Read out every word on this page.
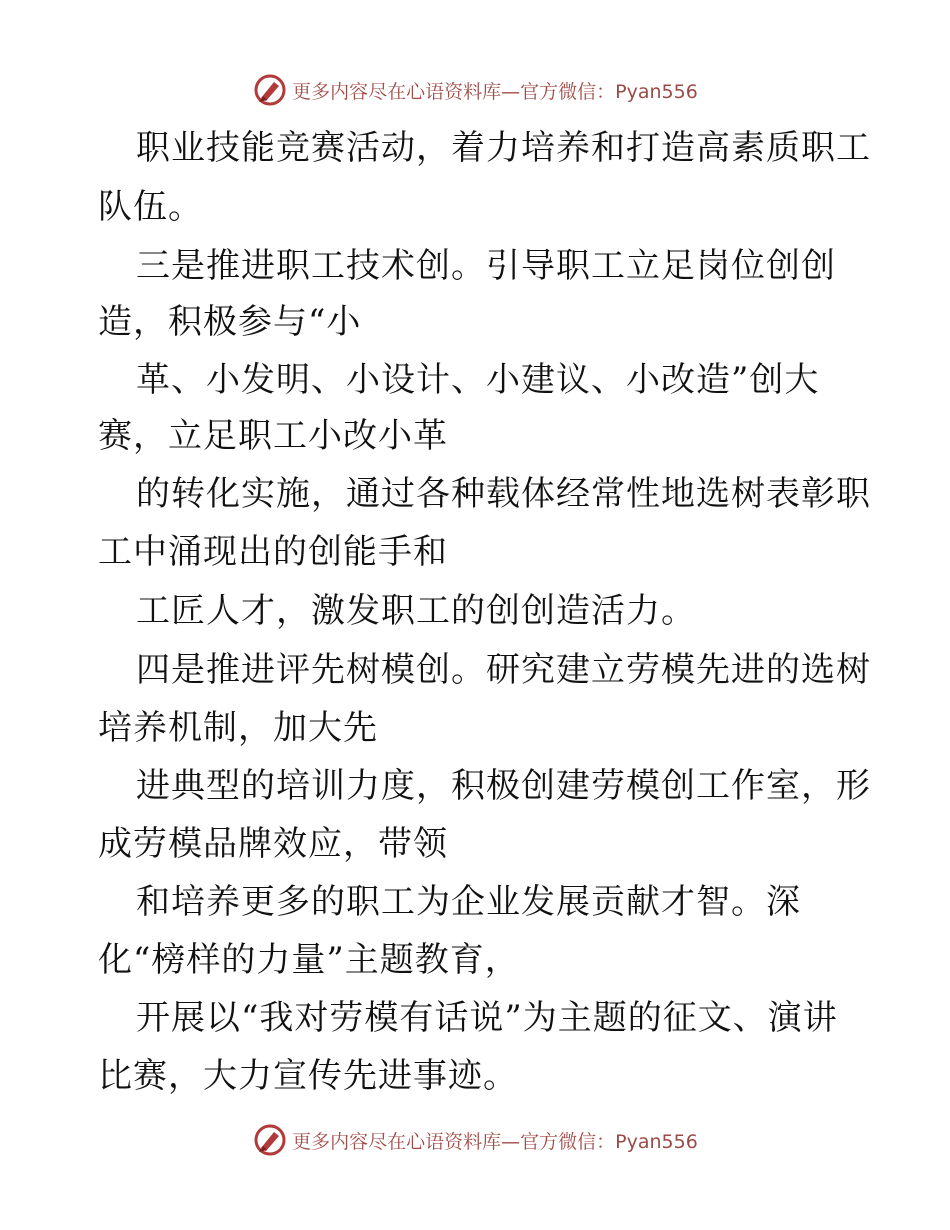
更多内容尽在心语资料库—官方微信：Pyan556
职业技能竞赛活动，着力培养和打造高素质职工
队伍。
三是推进职工技术创。引导职工立足岗位创创
造，积极参与“小
革、小发明、小设计、小建议、小改造”创大
赛，立足职工小改小革
的转化实施，通过各种载体经常性地选树表彰职
工中涌现出的创能手和
工匠人才，激发职工的创创造活力。
四是推进评先树模创。研究建立劳模先进的选树
培养机制，加大先
进典型的培训力度，积极创建劳模创工作室，形
成劳模品牌效应，带领
和培养更多的职工为企业发展贡献才智。深
化“榜样的力量”主题教育，
开展以“我对劳模有话说”为主题的征文、演讲
比赛，大力宣传先进事迹。
更多内容尽在心语资料库—官方微信：Pyan556
